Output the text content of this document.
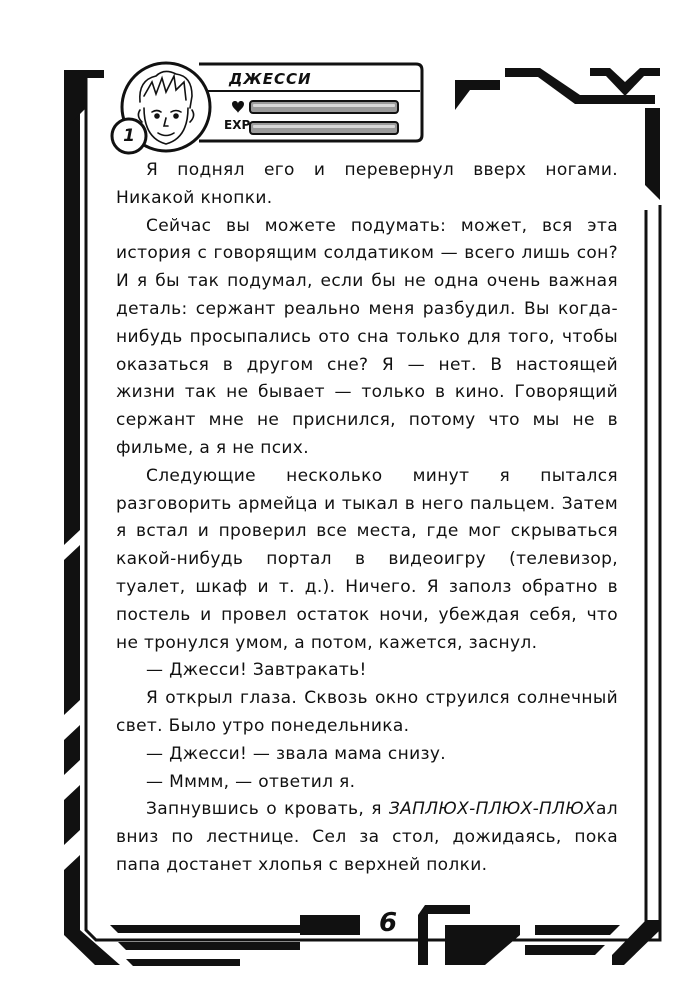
ДЖЕССИ
EXP
1

Я поднял его и перевернул вверх ногами. Никакой кнопки.

Сейчас вы можете подумать: может, вся эта история с говорящим солдатиком — всего лишь сон? И я бы так подумал, если бы не одна очень важная деталь: сержант реально меня разбудил. Вы когда-нибудь просыпались ото сна только для того, чтобы оказаться в другом сне? Я — нет. В настоящей жизни так не бывает — только в кино. Говорящий сержант мне не приснился, потому что мы не в фильме, а я не псих.

Следующие несколько минут я пытался разговорить армейца и тыкал в него пальцем. Затем я встал и проверил все места, где мог скрываться какой-нибудь портал в видеоигру (телевизор, туалет, шкаф и т. д.). Ничего. Я заполз обратно в постель и провел остаток ночи, убеждая себя, что не тронулся умом, а потом, кажется, заснул.

— Джесси! Завтракать!

Я открыл глаза. Сквозь окно струился солнечный свет. Было утро понедельника.

— Джесси! — звала мама снизу.

— Мммм, — ответил я.

Запнувшись о кровать, я ЗАПЛЮХ-ПЛЮХ-ПЛЮХал вниз по лестнице. Сел за стол, дожидаясь, пока папа достанет хлопья с верхней полки.

6
